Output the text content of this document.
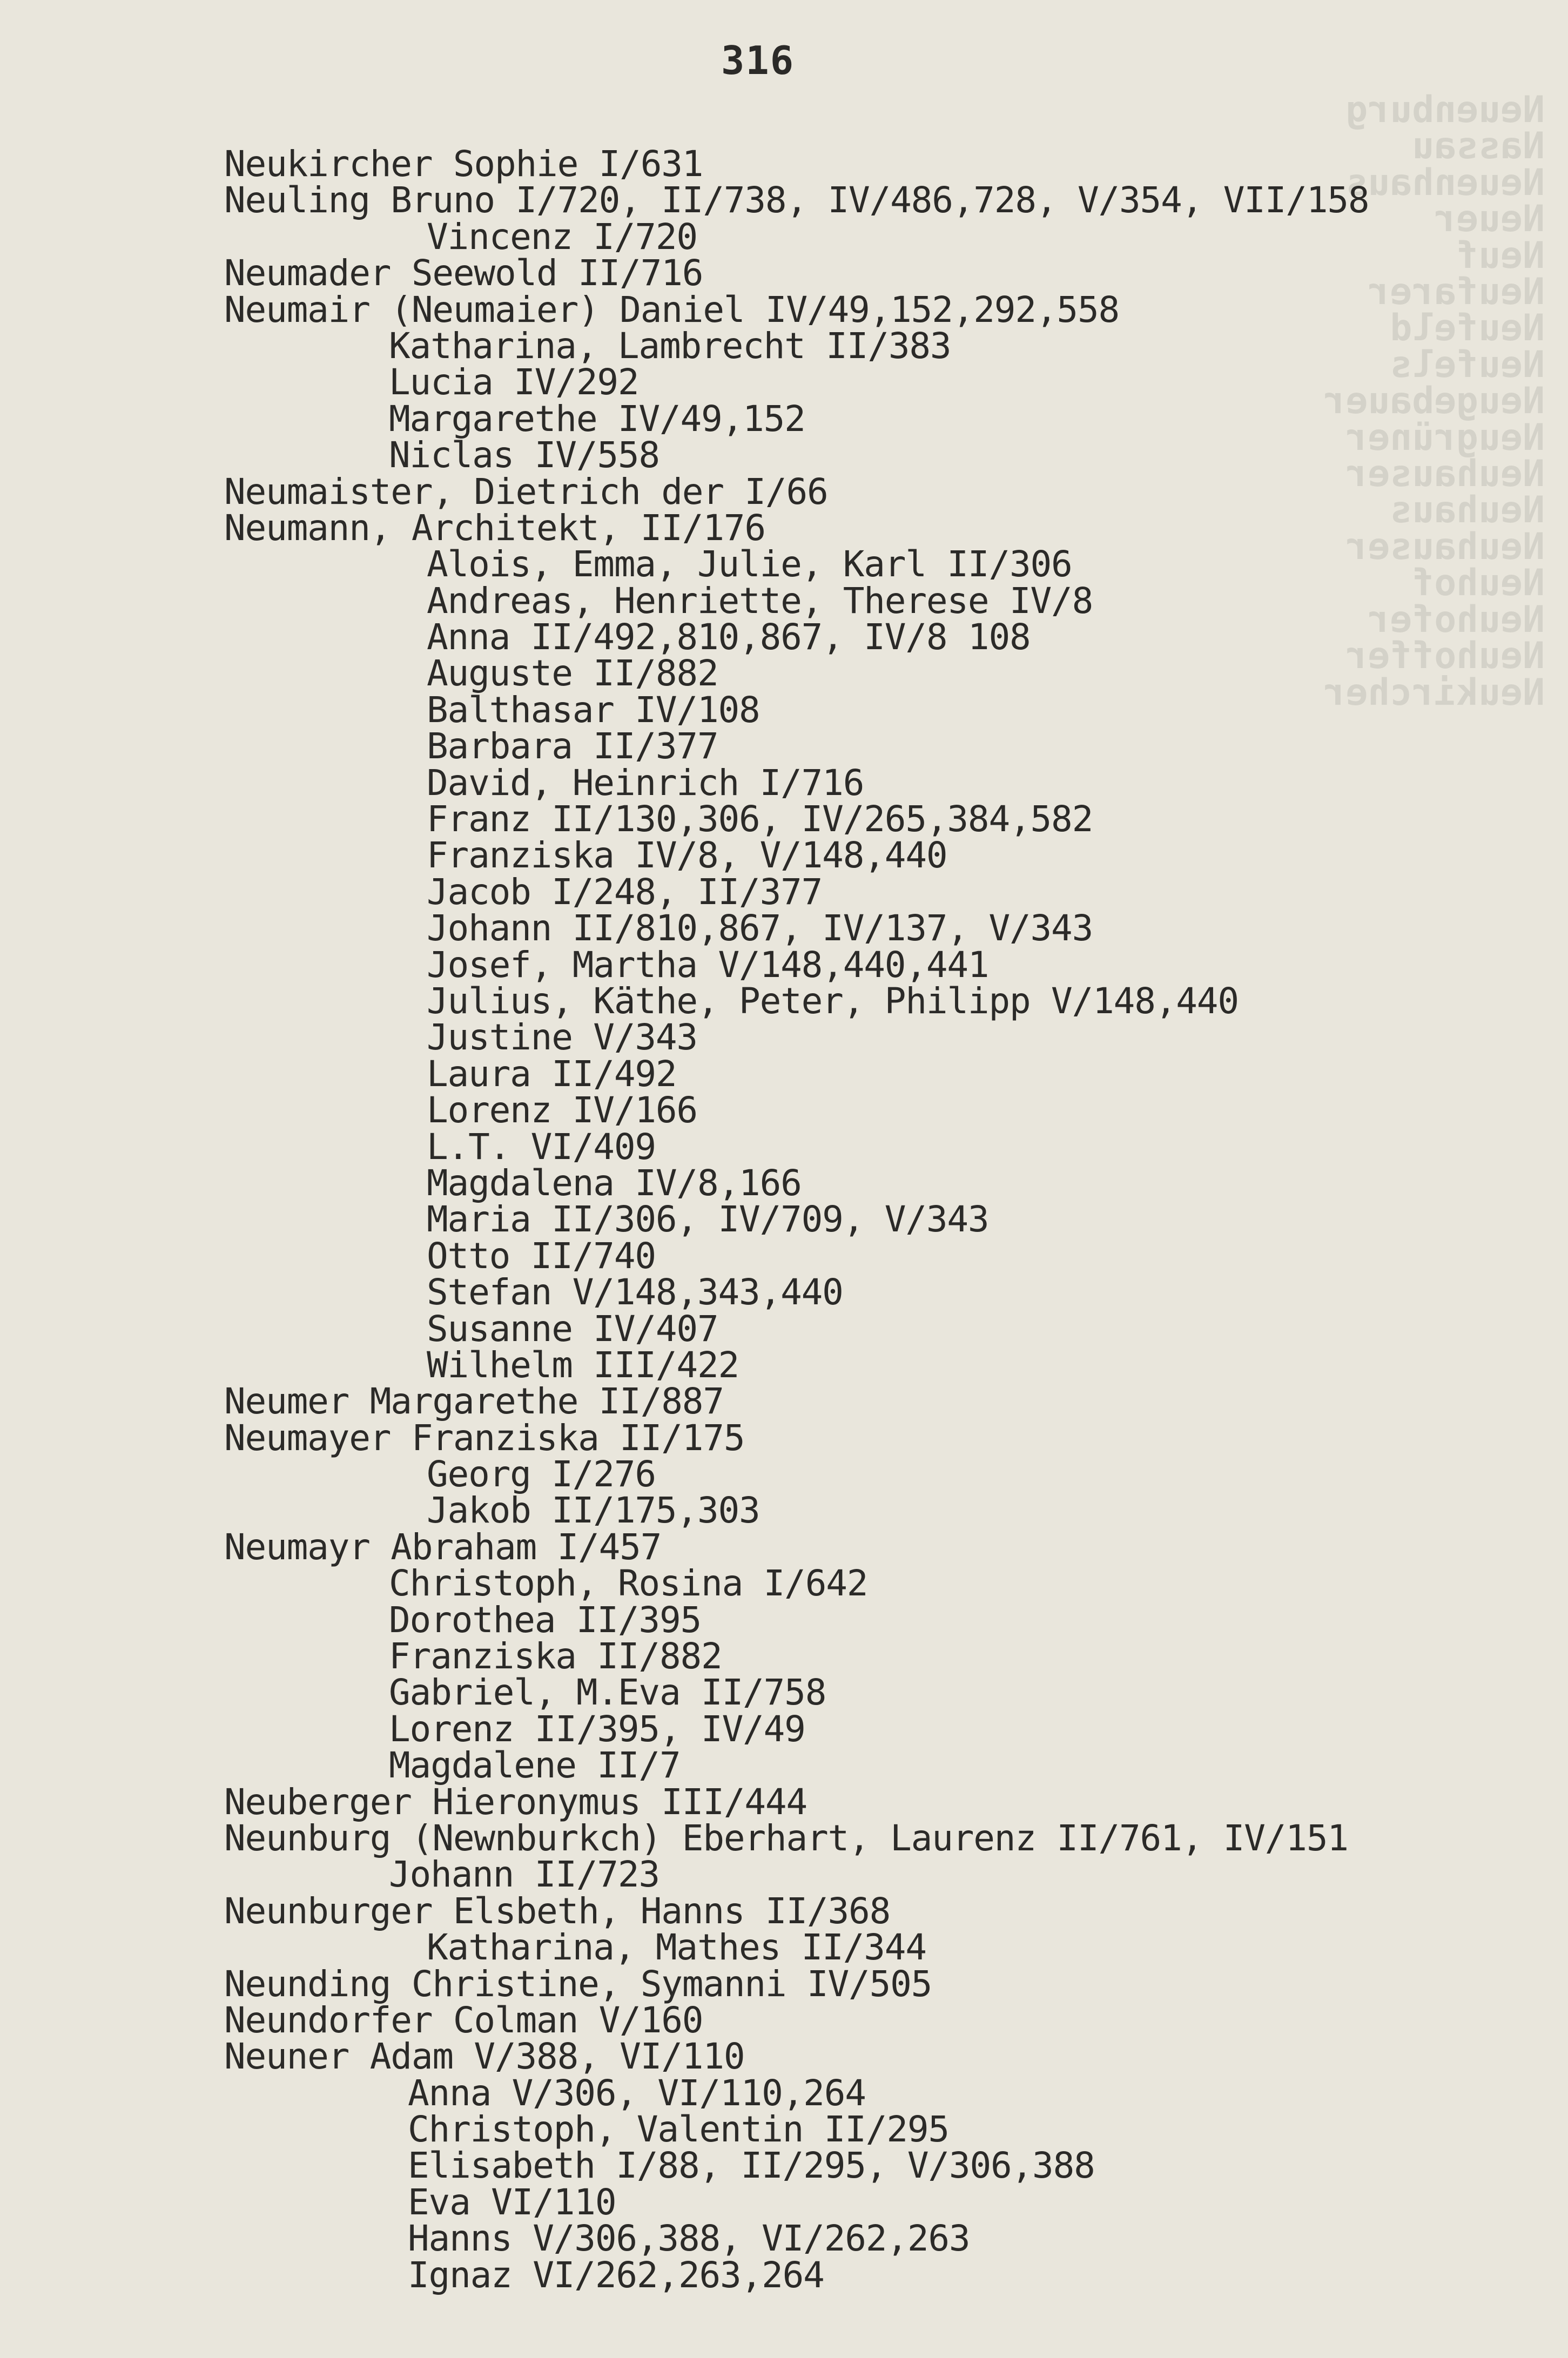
Neuenburg
Nassau
Neuenhaus
Neuer
Neuf
Neufarer
Neufeld
Neufels
Neugebauer
Neugrüner
Neuhauser
Neuhaus
Neuhauser
Neuhof
Neuhofer
Neuhoffer
Neukircher
316
Neukircher Sophie I/631
Neuling Bruno I/720, II/738, IV/486,728, V/354, VII/158
Vincenz I/720
Neumader Seewold II/716
Neumair (Neumaier) Daniel IV/49,152,292,558
Katharina, Lambrecht II/383
Lucia IV/292
Margarethe IV/49,152
Niclas IV/558
Neumaister, Dietrich der I/66
Neumann, Architekt, II/176
Alois, Emma, Julie, Karl II/306
Andreas, Henriette, Therese IV/8
Anna II/492,810,867, IV/8 108
Auguste II/882
Balthasar IV/108
Barbara II/377
David, Heinrich I/716
Franz II/130,306, IV/265,384,582
Franziska IV/8, V/148,440
Jacob I/248, II/377
Johann II/810,867, IV/137, V/343
Josef, Martha V/148,440,441
Julius, Käthe, Peter, Philipp V/148,440
Justine V/343
Laura II/492
Lorenz IV/166
L.T. VI/409
Magdalena IV/8,166
Maria II/306, IV/709, V/343
Otto II/740
Stefan V/148,343,440
Susanne IV/407
Wilhelm III/422
Neumer Margarethe II/887
Neumayer Franziska II/175
Georg I/276
Jakob II/175,303
Neumayr Abraham I/457
Christoph, Rosina I/642
Dorothea II/395
Franziska II/882
Gabriel, M.Eva II/758
Lorenz II/395, IV/49
Magdalene II/7
Neuberger Hieronymus III/444
Neunburg (Newnburkch) Eberhart, Laurenz II/761, IV/151
Johann II/723
Neunburger Elsbeth, Hanns II/368
Katharina, Mathes II/344
Neunding Christine, Symanni IV/505
Neundorfer Colman V/160
Neuner Adam V/388, VI/110
Anna V/306, VI/110,264
Christoph, Valentin II/295
Elisabeth I/88, II/295, V/306,388
Eva VI/110
Hanns V/306,388, VI/262,263
Ignaz VI/262,263,264
